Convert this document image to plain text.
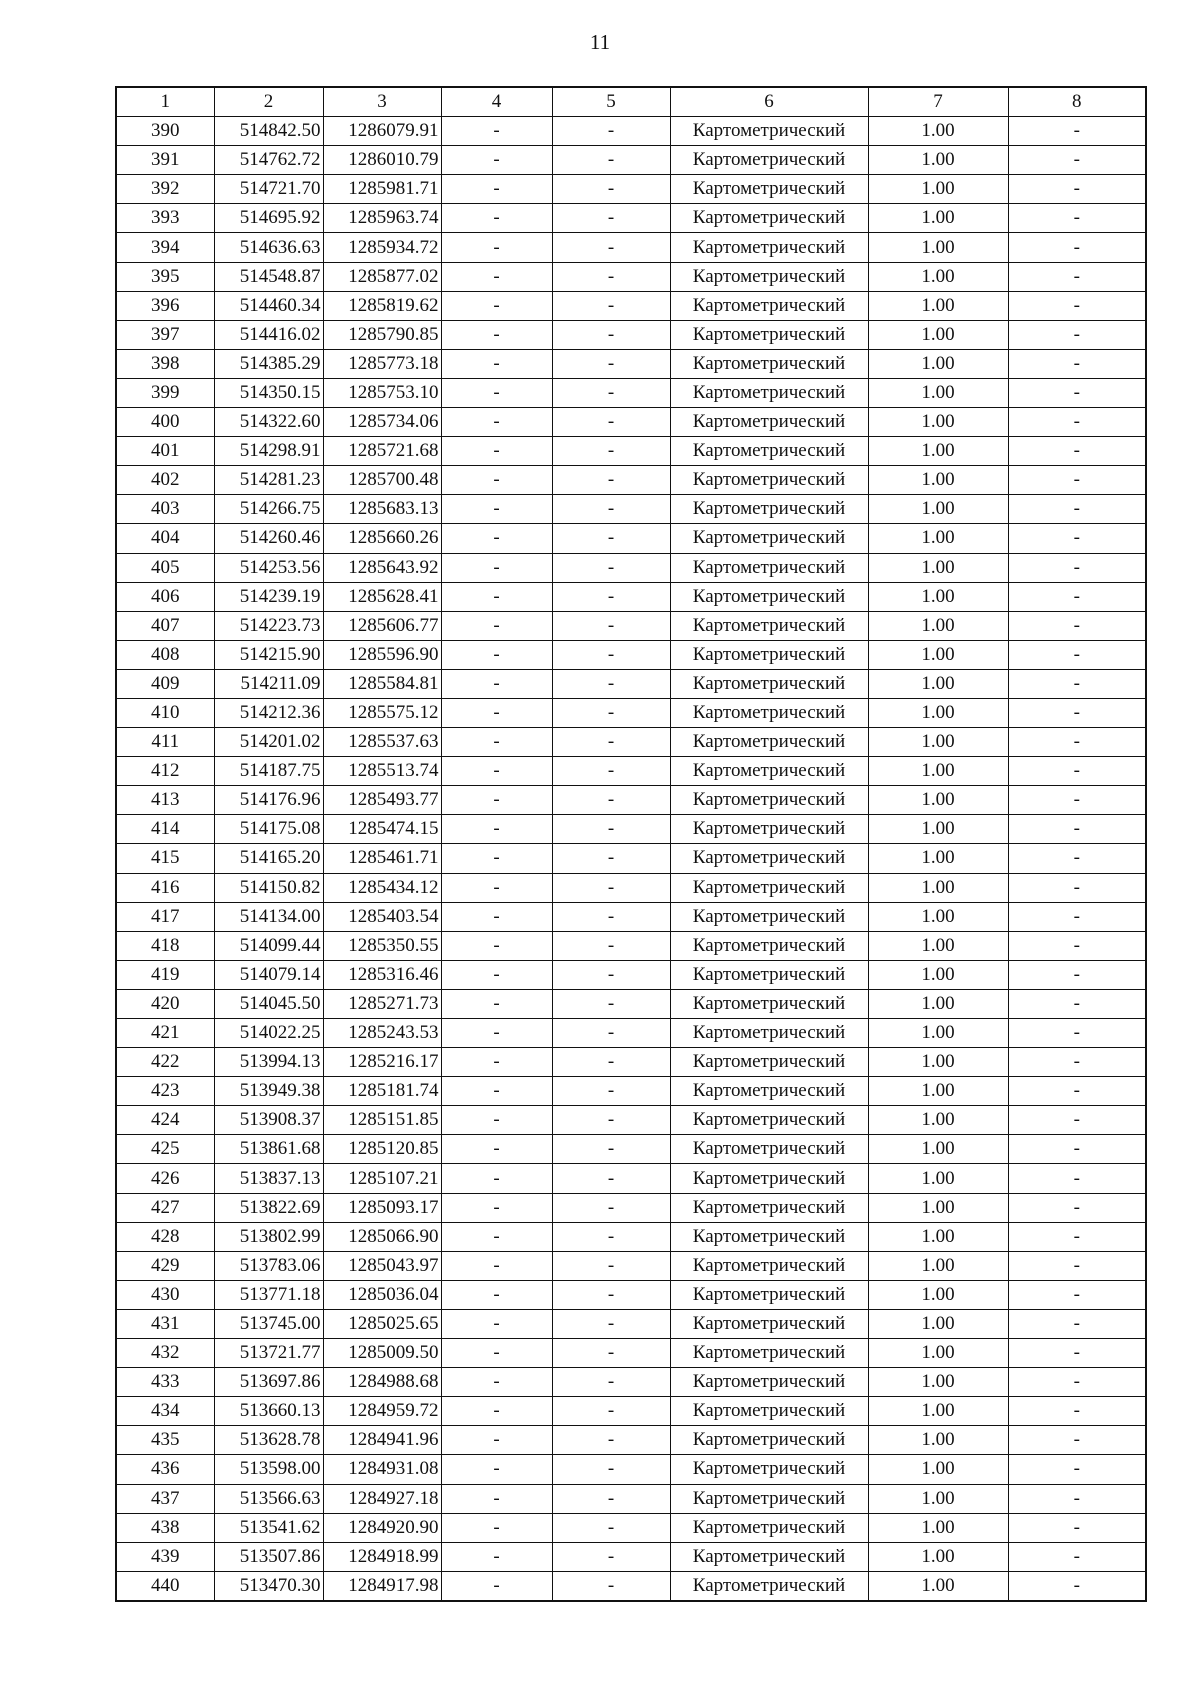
11
1	2	3	4	5	6	7	8
390	514842.50	1286079.91	-	-	Картометрический	1.00	-
391	514762.72	1286010.79	-	-	Картометрический	1.00	-
392	514721.70	1285981.71	-	-	Картометрический	1.00	-
393	514695.92	1285963.74	-	-	Картометрический	1.00	-
394	514636.63	1285934.72	-	-	Картометрический	1.00	-
395	514548.87	1285877.02	-	-	Картометрический	1.00	-
396	514460.34	1285819.62	-	-	Картометрический	1.00	-
397	514416.02	1285790.85	-	-	Картометрический	1.00	-
398	514385.29	1285773.18	-	-	Картометрический	1.00	-
399	514350.15	1285753.10	-	-	Картометрический	1.00	-
400	514322.60	1285734.06	-	-	Картометрический	1.00	-
401	514298.91	1285721.68	-	-	Картометрический	1.00	-
402	514281.23	1285700.48	-	-	Картометрический	1.00	-
403	514266.75	1285683.13	-	-	Картометрический	1.00	-
404	514260.46	1285660.26	-	-	Картометрический	1.00	-
405	514253.56	1285643.92	-	-	Картометрический	1.00	-
406	514239.19	1285628.41	-	-	Картометрический	1.00	-
407	514223.73	1285606.77	-	-	Картометрический	1.00	-
408	514215.90	1285596.90	-	-	Картометрический	1.00	-
409	514211.09	1285584.81	-	-	Картометрический	1.00	-
410	514212.36	1285575.12	-	-	Картометрический	1.00	-
411	514201.02	1285537.63	-	-	Картометрический	1.00	-
412	514187.75	1285513.74	-	-	Картометрический	1.00	-
413	514176.96	1285493.77	-	-	Картометрический	1.00	-
414	514175.08	1285474.15	-	-	Картометрический	1.00	-
415	514165.20	1285461.71	-	-	Картометрический	1.00	-
416	514150.82	1285434.12	-	-	Картометрический	1.00	-
417	514134.00	1285403.54	-	-	Картометрический	1.00	-
418	514099.44	1285350.55	-	-	Картометрический	1.00	-
419	514079.14	1285316.46	-	-	Картометрический	1.00	-
420	514045.50	1285271.73	-	-	Картометрический	1.00	-
421	514022.25	1285243.53	-	-	Картометрический	1.00	-
422	513994.13	1285216.17	-	-	Картометрический	1.00	-
423	513949.38	1285181.74	-	-	Картометрический	1.00	-
424	513908.37	1285151.85	-	-	Картометрический	1.00	-
425	513861.68	1285120.85	-	-	Картометрический	1.00	-
426	513837.13	1285107.21	-	-	Картометрический	1.00	-
427	513822.69	1285093.17	-	-	Картометрический	1.00	-
428	513802.99	1285066.90	-	-	Картометрический	1.00	-
429	513783.06	1285043.97	-	-	Картометрический	1.00	-
430	513771.18	1285036.04	-	-	Картометрический	1.00	-
431	513745.00	1285025.65	-	-	Картометрический	1.00	-
432	513721.77	1285009.50	-	-	Картометрический	1.00	-
433	513697.86	1284988.68	-	-	Картометрический	1.00	-
434	513660.13	1284959.72	-	-	Картометрический	1.00	-
435	513628.78	1284941.96	-	-	Картометрический	1.00	-
436	513598.00	1284931.08	-	-	Картометрический	1.00	-
437	513566.63	1284927.18	-	-	Картометрический	1.00	-
438	513541.62	1284920.90	-	-	Картометрический	1.00	-
439	513507.86	1284918.99	-	-	Картометрический	1.00	-
440	513470.30	1284917.98	-	-	Картометрический	1.00	-
